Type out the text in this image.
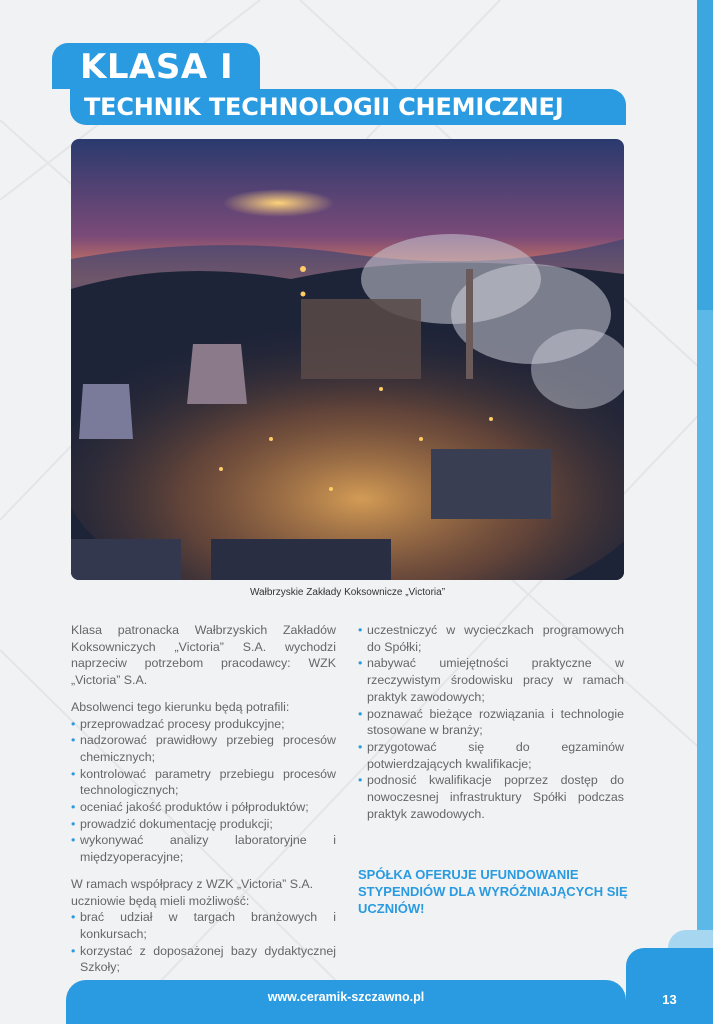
KLASA I
TECHNIK TECHNOLOGII CHEMICZNEJ
Wałbrzyskie Zakłady Koksownicze „Victoria”

Klasa patronacka Wałbrzyskich Zakładów Koksowniczych „Victoria” S.A. wychodzi naprzeciw potrzebom pracodawcy: WZK „Victoria” S.A.

Absolwenci tego kierunku będą potrafili:
• przeprowadzać procesy produkcyjne;
• nadzorować prawidłowy przebieg procesów chemicznych;
• kontrolować parametry przebiegu procesów technologicznych;
• oceniać jakość produktów i półproduktów;
• prowadzić dokumentację produkcji;
• wykonywać analizy laboratoryjne i międzyoperacyjne;
W ramach współpracy z WZK „Victoria” S.A. uczniowie będą mieli możliwość:
• brać udział w targach branżowych i konkursach;
• korzystać z doposażonej bazy dydaktycznej Szkoły;
• uczestniczyć w wycieczkach programowych do Spółki;
• nabywać umiejętności praktyczne w rzeczywistym środowisku pracy w ramach praktyk zawodowych;
• poznawać bieżące rozwiązania i technologie stosowane w branży;
• przygotować się do egzaminów potwierdzających kwalifikacje;
• podnosić kwalifikacje poprzez dostęp do nowoczesnej infrastruktury Spółki podczas praktyk zawodowych.
SPÓŁKA OFERUJE UFUNDOWANIE STYPENDIÓW DLA WYRÓŻNIAJĄCYCH SIĘ UCZNIÓW!
www.ceramik-szczawno.pl	13
